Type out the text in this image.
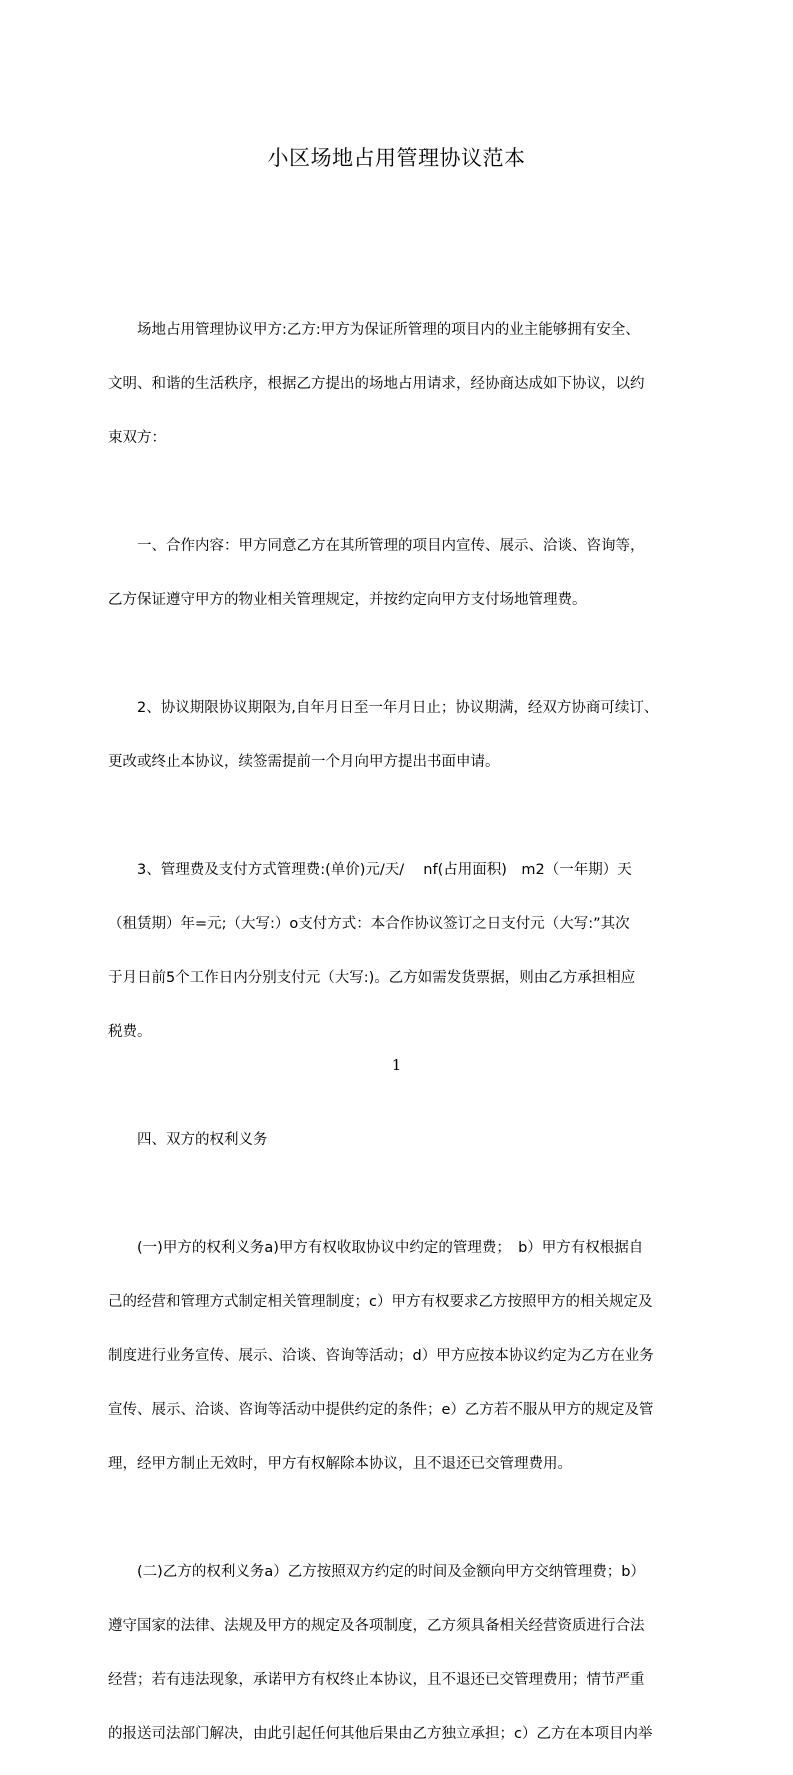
小区场地占用管理协议范本

　　场地占用管理协议甲方:乙方:甲方为保证所管理的项目内的业主能够拥有安全、

文明、和谐的生活秩序，根据乙方提出的场地占用请求，经协商达成如下协议，以约

束双方：

　　一、合作内容：甲方同意乙方在其所管理的项目内宣传、展示、洽谈、咨询等，

乙方保证遵守甲方的物业相关管理规定，并按约定向甲方支付场地管理费。

　　2、协议期限协议期限为,自年月日至一年月日止；协议期满，经双方协商可续订、

更改或终止本协议，续签需提前一个月向甲方提出书面申请。

　　3、管理费及支付方式管理费:(单价)元/天/　 nf(占用面积)　m2（一年期）天

（租赁期）年=元;（大写:）o支付方式：本合作协议签订之日支付元（大写:”其次

于月日前5个工作日内分别支付元（大写:)。乙方如需发货票据，则由乙方承担相应

税费。

　　四、双方的权利义务

　　(一)甲方的权利义务a)甲方有权收取协议中约定的管理费；　b）甲方有权根据自

己的经营和管理方式制定相关管理制度；c）甲方有权要求乙方按照甲方的相关规定及

制度进行业务宣传、展示、洽谈、咨询等活动；d）甲方应按本协议约定为乙方在业务

宣传、展示、洽谈、咨询等活动中提供约定的条件；e）乙方若不服从甲方的规定及管

理，经甲方制止无效时，甲方有权解除本协议，且不退还已交管理费用。

　　(二)乙方的权利义务a）乙方按照双方约定的时间及金额向甲方交纳管理费；b）

遵守国家的法律、法规及甲方的规定及各项制度，乙方须具备相关经营资质进行合法

经营；若有违法现象，承诺甲方有权终止本协议，且不退还已交管理费用；情节严重

的报送司法部门解决，由此引起任何其他后果由乙方独立承担；c）乙方在本项目内举

1
